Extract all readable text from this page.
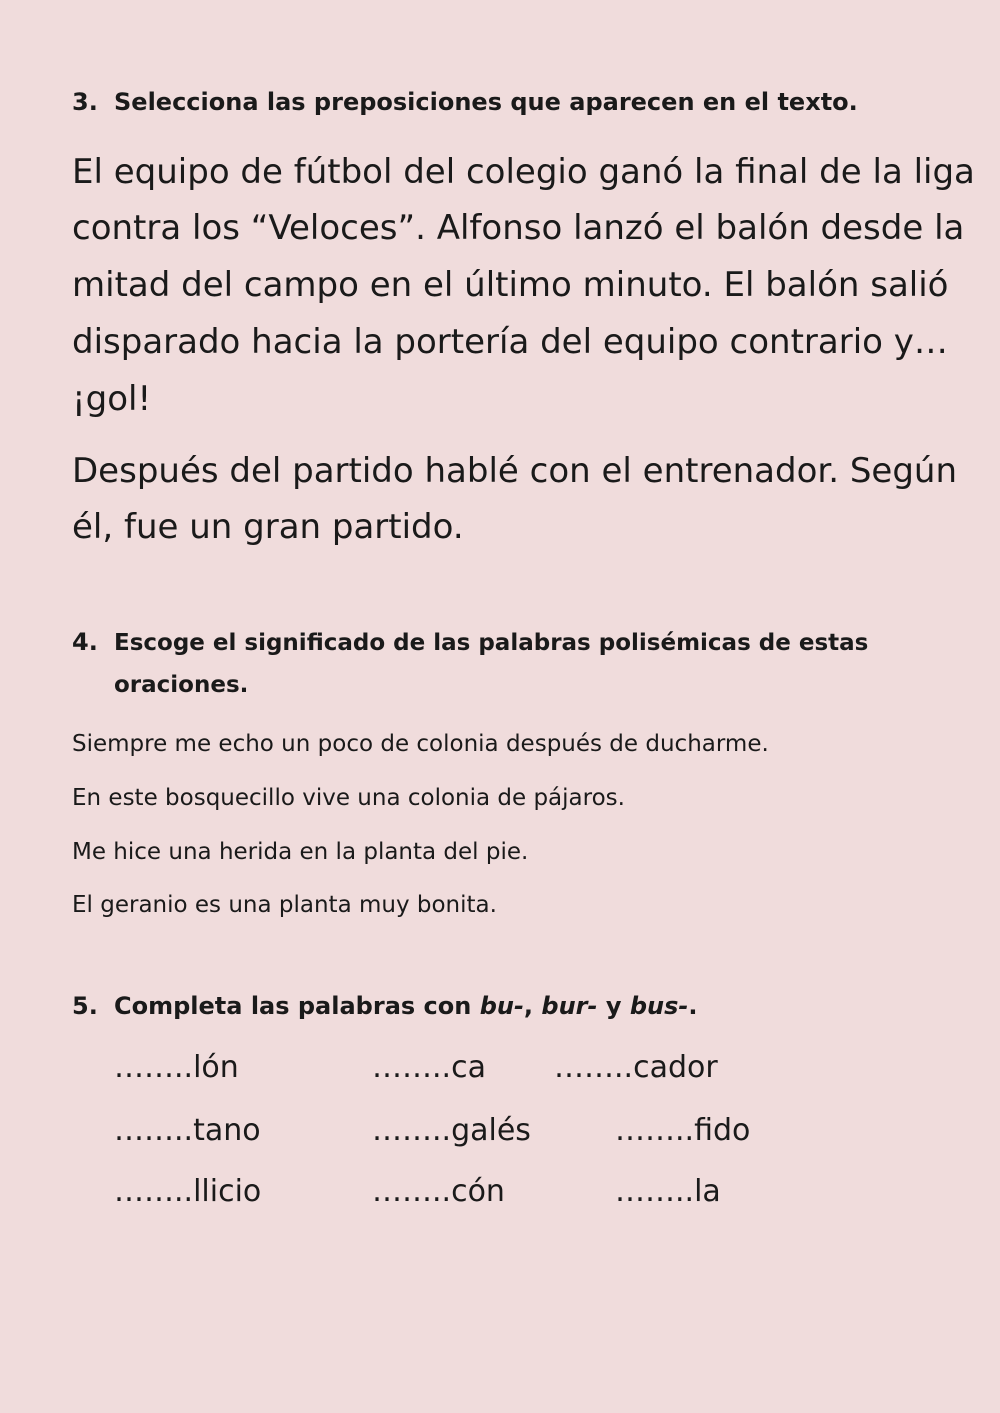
3. Selecciona las preposiciones que aparecen en el texto.
El equipo de fútbol del colegio ganó la final de la liga
contra los “Veloces”. Alfonso lanzó el balón desde la
mitad del campo en el último minuto. El balón salió
disparado hacia la portería del equipo contrario y…
¡gol!
Después del partido hablé con el entrenador. Según
él, fue un gran partido.
4. Escoge el significado de las palabras polisémicas de estas
oraciones.
Siempre me echo un poco de colonia después de ducharme.
En este bosquecillo vive una colonia de pájaros.
Me hice una herida en la planta del pie.
El geranio es una planta muy bonita.
5. Completa las palabras con bu-, bur- y bus-.
……..lón	……..ca ……..cador
……..tano	……..galés	……..fido
……..llicio	……..cón	……..la
